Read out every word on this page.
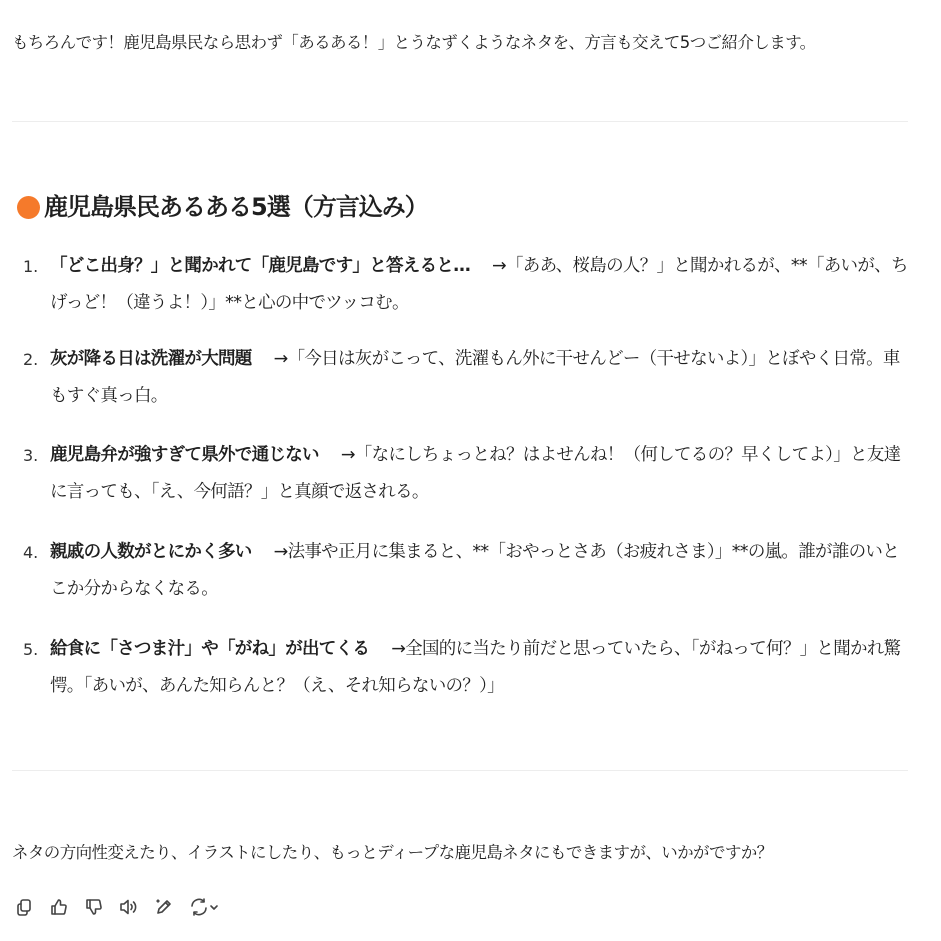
もちろんです！鹿児島県民なら思わず「あるある！」とうなずくようなネタを、方言も交えて5つご紹介します。
鹿児島県民あるある5選（方言込み）
1. 「どこ出身？」と聞かれて「鹿児島です」と答えると… →「ああ、桜島の人？」と聞かれるが、**「あいが、ちげっど！（違うよ！）」**と心の中でツッコむ。
2. 灰が降る日は洗濯が大問題 →「今日は灰がこって、洗濯もん外に干せんどー（干せないよ）」とぼやく日常。車もすぐ真っ白。
3. 鹿児島弁が強すぎて県外で通じない →「なにしちょっとね？はよせんね！（何してるの？早くしてよ）」と友達に言っても、「え、今何語？」と真顔で返される。
4. 親戚の人数がとにかく多い →法事や正月に集まると、**「おやっとさあ（お疲れさま）」**の嵐。誰が誰のいとこか分からなくなる。
5. 給食に「さつま汁」や「がね」が出てくる →全国的に当たり前だと思っていたら、「がねって何？」と聞かれ驚愕。「あいが、あんた知らんと？（え、それ知らないの？）」
ネタの方向性変えたり、イラストにしたり、もっとディープな鹿児島ネタにもできますが、いかがですか？
